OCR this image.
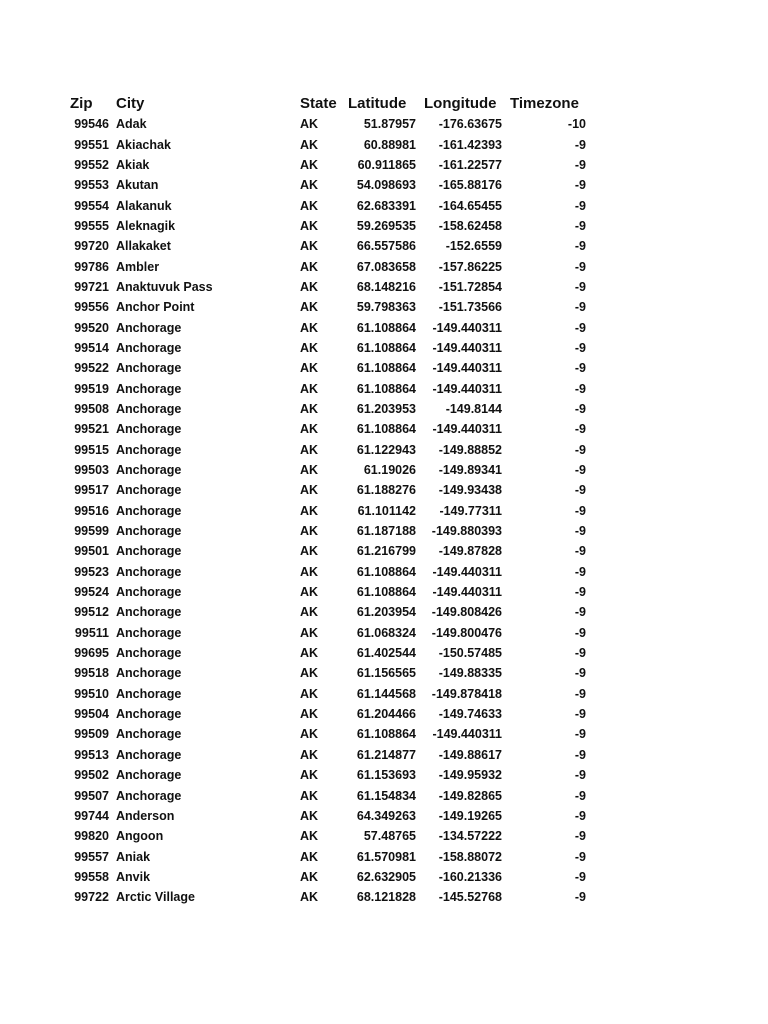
Zip	City	State	Latitude	Longitude	Timezone
99546	Adak	AK	51.87957	-176.63675	-10
99551	Akiachak	AK	60.88981	-161.42393	-9
99552	Akiak	AK	60.911865	-161.22577	-9
99553	Akutan	AK	54.098693	-165.88176	-9
99554	Alakanuk	AK	62.683391	-164.65455	-9
99555	Aleknagik	AK	59.269535	-158.62458	-9
99720	Allakaket	AK	66.557586	-152.6559	-9
99786	Ambler	AK	67.083658	-157.86225	-9
99721	Anaktuvuk Pass	AK	68.148216	-151.72854	-9
99556	Anchor Point	AK	59.798363	-151.73566	-9
99520	Anchorage	AK	61.108864	-149.440311	-9
99514	Anchorage	AK	61.108864	-149.440311	-9
99522	Anchorage	AK	61.108864	-149.440311	-9
99519	Anchorage	AK	61.108864	-149.440311	-9
99508	Anchorage	AK	61.203953	-149.8144	-9
99521	Anchorage	AK	61.108864	-149.440311	-9
99515	Anchorage	AK	61.122943	-149.88852	-9
99503	Anchorage	AK	61.19026	-149.89341	-9
99517	Anchorage	AK	61.188276	-149.93438	-9
99516	Anchorage	AK	61.101142	-149.77311	-9
99599	Anchorage	AK	61.187188	-149.880393	-9
99501	Anchorage	AK	61.216799	-149.87828	-9
99523	Anchorage	AK	61.108864	-149.440311	-9
99524	Anchorage	AK	61.108864	-149.440311	-9
99512	Anchorage	AK	61.203954	-149.808426	-9
99511	Anchorage	AK	61.068324	-149.800476	-9
99695	Anchorage	AK	61.402544	-150.57485	-9
99518	Anchorage	AK	61.156565	-149.88335	-9
99510	Anchorage	AK	61.144568	-149.878418	-9
99504	Anchorage	AK	61.204466	-149.74633	-9
99509	Anchorage	AK	61.108864	-149.440311	-9
99513	Anchorage	AK	61.214877	-149.88617	-9
99502	Anchorage	AK	61.153693	-149.95932	-9
99507	Anchorage	AK	61.154834	-149.82865	-9
99744	Anderson	AK	64.349263	-149.19265	-9
99820	Angoon	AK	57.48765	-134.57222	-9
99557	Aniak	AK	61.570981	-158.88072	-9
99558	Anvik	AK	62.632905	-160.21336	-9
99722	Arctic Village	AK	68.121828	-145.52768	-9
